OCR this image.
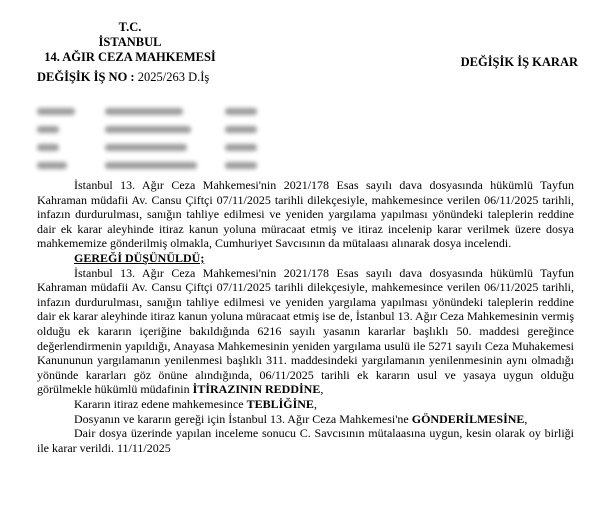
T.C.
İSTANBUL
14. AĞIR CEZA MAHKEMESİ	DEĞİŞİK İŞ KARAR
DEĞİŞİK İŞ NO : 2025/263 D.İş

İstanbul 13. Ağır Ceza Mahkemesi'nin 2021/178 Esas sayılı dava dosyasında hükümlü Tayfun Kahraman müdafii Av. Cansu Çiftçi 07/11/2025 tarihli dilekçesiyle, mahkemesince verilen 06/11/2025 tarihli, infazın durdurulması, sanığın tahliye edilmesi ve yeniden yargılama yapılması yönündeki taleplerin reddine dair ek karar aleyhinde itiraz kanun yoluna müracaat etmiş ve itiraz incelenip karar verilmek üzere dosya mahkememize gönderilmiş olmakla, Cumhuriyet Savcısının da mütalaası alınarak dosya incelendi.

GEREĞİ DÜŞÜNÜLDÜ;

İstanbul 13. Ağır Ceza Mahkemesi'nin 2021/178 Esas sayılı dava dosyasında hükümlü Tayfun Kahraman müdafii Av. Cansu Çiftçi 07/11/2025 tarihli dilekçesiyle, mahkemesince verilen 06/11/2025 tarihli, infazın durdurulması, sanığın tahliye edilmesi ve yeniden yargılama yapılması yönündeki taleplerin reddine dair ek karar aleyhinde itiraz kanun yoluna müracaat etmiş ise de, İstanbul 13. Ağır Ceza Mahkemesinin vermiş olduğu ek kararın içeriğine bakıldığında 6216 sayılı yasanın kararlar başlıklı 50. maddesi gereğince değerlendirmenin yapıldığı, Anayasa Mahkemesinin yeniden yargılama usulü ile 5271 sayılı Ceza Muhakemesi Kanununun yargılamanın yenilenmesi başlıklı 311. maddesindeki yargılamanın yenilenmesinin aynı olmadığı yönünde kararları göz önüne alındığında, 06/11/2025 tarihli ek kararın usul ve yasaya uygun olduğu görülmekle hükümlü müdafinin İTİRAZININ REDDİNE,

Kararın itiraz edene mahkemesince TEBLİĞİNE,

Dosyanın ve kararın gereği için İstanbul 13. Ağır Ceza Mahkemesi'ne GÖNDERİLMESİNE,

Dair dosya üzerinde yapılan inceleme sonucu C. Savcısının mütalaasına uygun, kesin olarak oy birliği ile karar verildi. 11/11/2025
